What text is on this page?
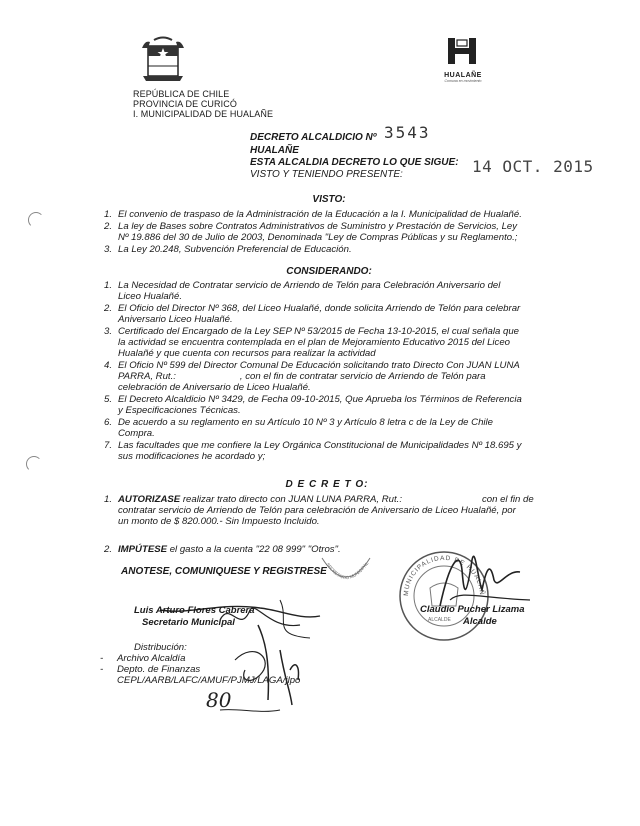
REPÚBLICA DE CHILE
PROVINCIA DE CURICÓ
I. MUNICIPALIDAD DE HUALAÑE
HUALAÑE
Comuna en movimiento
DECRETO ALCALDICIO Nº 3543
HUALAÑE
ESTA ALCALDIA DECRETO LO QUE SIGUE:
VISTO Y TENIENDO PRESENTE:	14 OCT. 2015
VISTO:
1. El convenio de traspaso de la Administración de la Educación a la I. Municipalidad de Hualañé.
2. La ley de Bases sobre Contratos Administrativos de Suministro y Prestación de Servicios, Ley
Nº 19.886 del 30 de Julio de 2003, Denominada "Ley de Compras Públicas y su Reglamento.;
3. La Ley 20.248, Subvención Preferencial de Educación.
CONSIDERANDO:
1. La Necesidad de Contratar servicio de Arriendo de Telón para Celebración Aniversario del
Liceo Hualañé.
2. El Oficio del Director Nº 368, del Liceo Hualañé, donde solicita Arriendo de Telón para celebrar
Aniversario Liceo Hualañé.
3. Certificado del Encargado de la Ley SEP Nº 53/2015 de Fecha 13-10-2015, el cual señala que
la actividad se encuentra contemplada en el plan de Mejoramiento Educativo 2015 del Liceo
Hualañé y que cuenta con recursos para realizar la actividad
4. El Oficio Nº 599 del Director Comunal De Educación solicitando trato Directo Con JUAN LUNA
PARRA, Rut.:                        , con el fin de contratar servicio de Arriendo de Telón para
celebración de Aniversario de Liceo Hualañé.
5. El Decreto Alcaldicio Nº 3429, de Fecha 09-10-2015, Que Aprueba los Términos de Referencia
y Especificaciones Técnicas.
6. De acuerdo a su reglamento en su Artículo 10 Nº 3 y Artículo 8 letra c de la Ley de Chile
Compra.
7. Las facultades que me confiere la Ley Orgánica Constitucional de Municipalidades Nº 18.695 y
sus modificaciones he acordado y;
D E C R E T O:
1. AUTORIZASE realizar trato directo con JUAN LUNA PARRA, Rut.:                              con el fin de
contratar servicio de Arriendo de Telón para celebración de Aniversario de Liceo Hualañé, por
un monto de $ 820.000.- Sin Impuesto Incluido.
2. IMPÚTESE el gasto a la cuenta "22 08 999" "Otros".
ANOTESE, COMUNIQUESE Y REGISTRESE
MUNICIPALIDAD DE HUALAÑ
SECRETARIO MUNICIPAL
ALCALDE
Luis Arturo Flores Cabrera
Secretario Municipal
Claudio Pucher Lizama
Alcalde
Distribución:
- Archivo Alcaldía
- Depto. de Finanzas
CEPL/AARB/LAFC/AMUF/PJMJ/LAGA/jlpo
80
